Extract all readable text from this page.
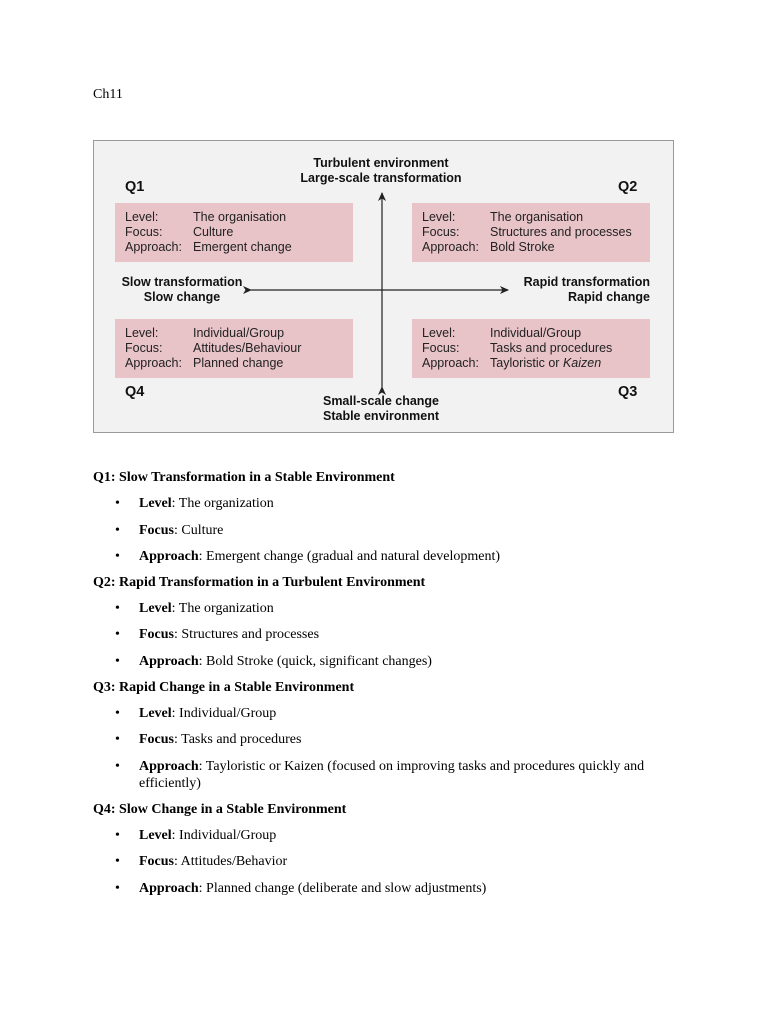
Ch11
Q1	Q2
Q4	Q3
Turbulent environment
Large-scale transformation
Small-scale change
Stable environment
Slow transformation
Slow change
Rapid transformation
Rapid change
Level:	The organisation
Focus:	Culture
Approach: Emergent change
Level:	The organisation
Focus:	Structures and processes
Approach: Bold Stroke
Level:	Individual/Group
Focus:	Attitudes/Behaviour
Approach: Planned change
Level:	Individual/Group
Focus:	Tasks and procedures
Approach: Tayloristic or Kaizen
Q1: Slow Transformation in a Stable Environment
• Level: The organization
• Focus: Culture
• Approach: Emergent change (gradual and natural development)
Q2: Rapid Transformation in a Turbulent Environment
• Level: The organization
• Focus: Structures and processes
• Approach: Bold Stroke (quick, significant changes)
Q3: Rapid Change in a Stable Environment
• Level: Individual/Group
• Focus: Tasks and procedures
• Approach: Tayloristic or Kaizen (focused on improving tasks and procedures quickly and efficiently)
Q4: Slow Change in a Stable Environment
• Level: Individual/Group
• Focus: Attitudes/Behavior
• Approach: Planned change (deliberate and slow adjustments)
